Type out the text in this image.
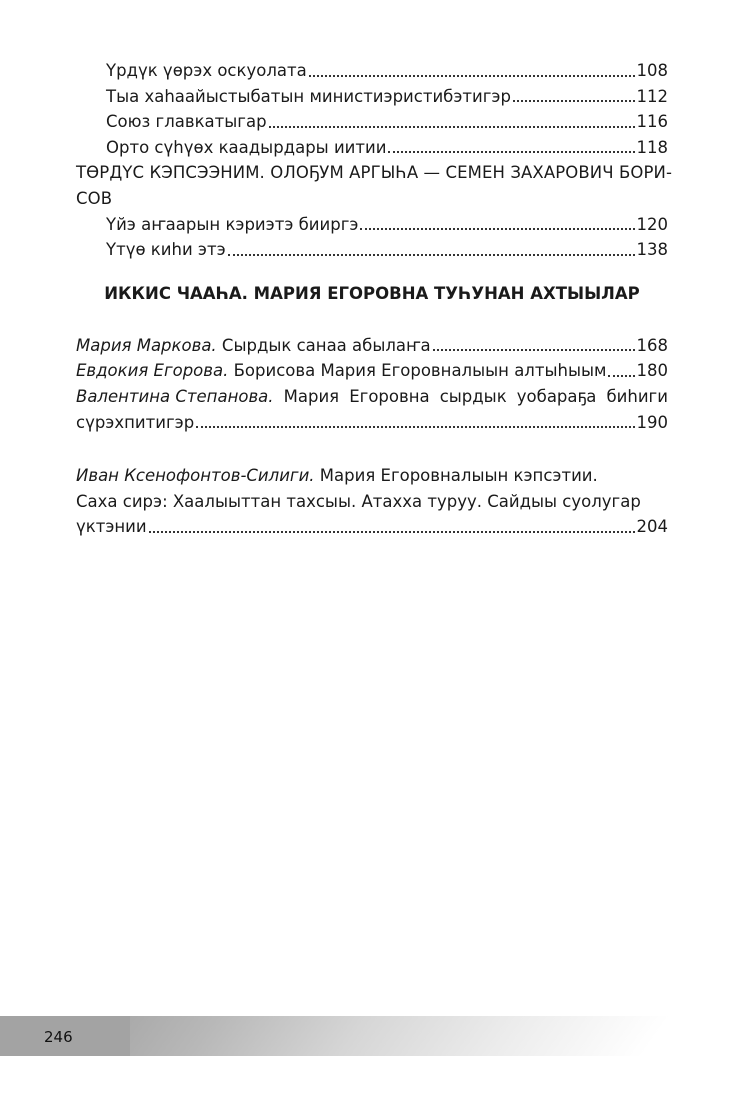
Үрдүк үөрэх оскуолата	108
Тыа хаһаайыстыбатын министиэристибэтигэр	112
Союз главкатыгар	116
Орто сүһүөх каадырдары иитии	118
ТӨРДҮС КЭПСЭЭНИМ. ОЛОҔУМ АРГЫҺА — СЕМЕН ЗАХАРОВИЧ БОРИ-
СОВ
Үйэ аҥаарын кэриэтэ бииргэ	120
Үтүө киһи этэ	138
Мария Маркова. Сырдык санаа абылаҥа	168
Евдокия Егорова. Борисова Мария Егоровналыын алтыһыым 180
Валентина Степанова. Мария Егоровна сырдык уобараҕа биһиги
сүрэхпитигэр	190
Иван Ксенофонтов-Силиги. Мария Егоровналыын кэпсэтии.
Саха сирэ: Хаалыыттан тахсыы. Атахха туруу. Сайдыы суолугар
үктэнии	204
ИККИС ЧААҺА. МАРИЯ ЕГОРОВНА ТУҺУНАН АХТЫЫЛАР
246
